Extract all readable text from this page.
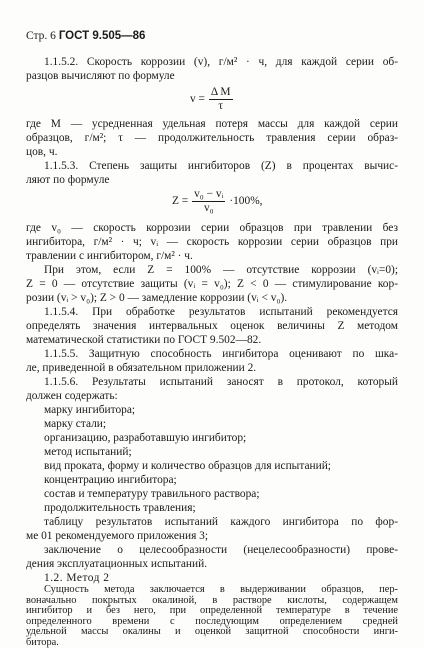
Стр. 6 ГОСТ 9.505—86
1.1.5.2. Скорость коррозии (v), г/м² · ч, для каждой серии об-
разцов вычисляют по формуле
$v = \frac{\text{Δ M}}{\tau}$
где M — усредненная удельная потеря массы для каждой серии
образцов, г/м²; τ — продолжительность травления серии образ-
цов, ч.
1.1.5.3. Степень защиты ингибиторов (Z) в процентах вычис-
ляют по формуле
$Z = \frac{\text{v₀ − vᵢ}}{\text{v₀}} \cdot 100\%$,
где v₀ — скорость коррозии серии образцов при травлении без
ингибитора, г/м² · ч; vᵢ — скорость коррозии серии образцов при
травлении с ингибитором, г/м² · ч.
При этом, если Z = 100% — отсутствие коррозии (vᵢ=0);
Z = 0 — отсутствие защиты (vᵢ = v₀); Z < 0 — стимулирование кор-
розии (vᵢ > v₀); Z > 0 — замедление коррозии (vᵢ < v₀).
1.1.5.4. При обработке результатов испытаний рекомендуется
определять значения интервальных оценок величины Z методом
математической статистики по ГОСТ 9.502—82.
1.1.5.5. Защитную способность ингибитора оценивают по шка-
ле, приведенной в обязательном приложении 2.
1.1.5.6. Результаты испытаний заносят в протокол, который
должен содержать:
марку ингибитора;
марку стали;
организацию, разработавшую ингибитор;
метод испытаний;
вид проката, форму и количество образцов для испытаний;
концентрацию ингибитора;
состав и температуру травильного раствора;
продолжительность травления;
таблицу результатов испытаний каждого ингибитора по фор-
ме 01 рекомендуемого приложения 3;
заключение о целесообразности (нецелесообразности) прове-
дения эксплуатационных испытаний.
1.2. Метод 2
Сущность метода заключается в выдерживании образцов, пер-
воначально покрытых окалиной, в растворе кислоты, содержащем
ингибитор и без него, при определенной температуре в течение
определенного времени с последующим определением средней
удельной массы окалины и оценкой защитной способности инги-
битора.
